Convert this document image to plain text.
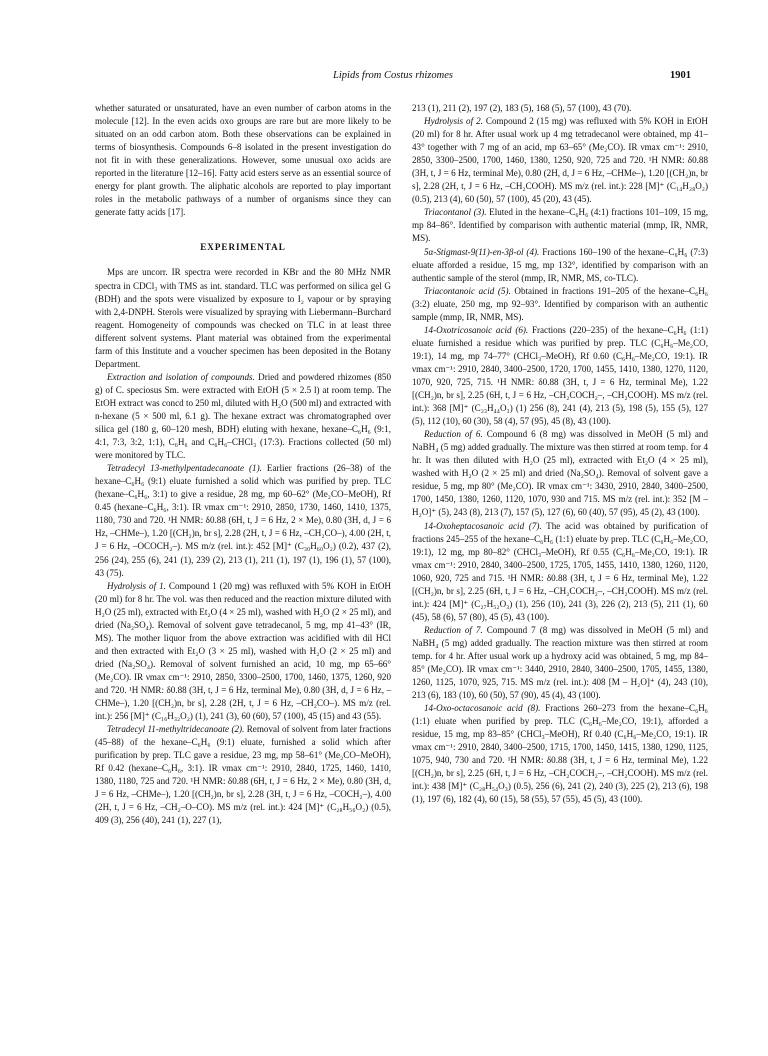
Lipids from Costus rhizomes	1901

whether saturated or unsaturated, have an even number of carbon atoms in the molecule [12]. In the even acids oxo groups are rare but are more likely to be situated on an odd carbon atom. Both these observations can be explained in terms of biosynthesis. Compounds 6–8 isolated in the present investigation do not fit in with these generalizations. However, some unusual oxo acids are reported in the literature [12–16]. Fatty acid esters serve as an essential source of energy for plant growth. The aliphatic alcohols are reported to play important roles in the metabolic pathways of a number of organisms since they can generate fatty acids [17].

EXPERIMENTAL

Mps are uncorr. IR spectra were recorded in KBr and the 80 MHz NMR spectra in CDCl₃ with TMS as int. standard. TLC was performed on silica gel G (BDH) and the spots were visualized by exposure to I₂ vapour or by spraying with 2,4-DNPH. Sterols were visualized by spraying with Liebermann–Burchard reagent. Homogeneity of compounds was checked on TLC in at least three different solvent systems. Plant material was obtained from the experimental farm of this Institute and a voucher specimen has been deposited in the Botany Department.

Extraction and isolation of compounds. Dried and powdered rhizomes (850 g) of C. speciosus Sm. were extracted with EtOH (5 × 2.5 l) at room temp. The EtOH extract was concd to 250 ml, diluted with H₂O (500 ml) and extracted with n-hexane (5 × 500 ml, 6.1 g). The hexane extract was chromatographed over silica gel (180 g, 60–120 mesh, BDH) eluting with hexane, hexane–C₆H₆ (9:1, 4:1, 7:3, 3:2, 1:1), C₆H₆ and C₆H₆–CHCl₃ (17:3). Fractions collected (50 ml) were monitored by TLC.

Tetradecyl 13-methylpentadecanoate (1). Earlier fractions (26–38) of the hexane–C₆H₆ (9:1) eluate furnished a solid which was purified by prep. TLC (hexane–C₆H₆, 3:1) to give a residue, 28 mg, mp 60–62° (Me₂CO–MeOH), Rf 0.45 (hexane–C₆H₆, 3:1). IR νmax cm⁻¹: 2910, 2850, 1730, 1460, 1410, 1375, 1180, 730 and 720. ¹H NMR: δ0.88 (6H, t, J = 6 Hz, 2 × Me), 0.80 (3H, d, J = 6 Hz, –CHMe–), 1.20 [(CH₂)n, br s], 2.28 (2H, t, J = 6 Hz, –CH₂CO–), 4.00 (2H, t, J = 6 Hz, –OCOCH₂–). MS m/z (rel. int.): 452 [M]⁺ (C₃₀H₆₀O₂) (0.2), 437 (2), 256 (24), 255 (6), 241 (1), 239 (2), 213 (1), 211 (1), 197 (1), 196 (1), 57 (100), 43 (75).

Hydrolysis of 1. Compound 1 (20 mg) was refluxed with 5% KOH in EtOH (20 ml) for 8 hr. The vol. was then reduced and the reaction mixture diluted with H₂O (25 ml), extracted with Et₂O (4 × 25 ml), washed with H₂O (2 × 25 ml), and dried (Na₂SO₄). Removal of solvent gave tetradecanol, 5 mg, mp 41–43° (IR, MS). The mother liquor from the above extraction was acidified with dil HCl and then extracted with Et₂O (3 × 25 ml), washed with H₂O (2 × 25 ml) and dried (Na₂SO₄). Removal of solvent furnished an acid, 10 mg, mp 65–66° (Me₂CO). IR νmax cm⁻¹: 2910, 2850, 3300–2500, 1700, 1460, 1375, 1260, 920 and 720. ¹H NMR: δ0.88 (3H, t, J = 6 Hz, terminal Me), 0.80 (3H, d, J = 6 Hz, –CHMe–), 1.20 [(CH₂)n, br s], 2.28 (2H, t, J = 6 Hz, –CH₂CO–). MS m/z (rel. int.): 256 [M]⁺ (C₁₆H₃₂O₂) (1), 241 (3), 60 (60), 57 (100), 45 (15) and 43 (55).

Tetradecyl 11-methyltridecanoate (2). Removal of solvent from later fractions (45–88) of the hexane–C₆H₆ (9:1) eluate, furnished a solid which after purification by prep. TLC gave a residue, 23 mg, mp 58–61° (Me₂CO–MeOH), Rf 0.42 (hexane–C₆H₆, 3:1). IR νmax cm⁻¹: 2910, 2840, 1725, 1460, 1410, 1380, 1180, 725 and 720. ¹H NMR: δ0.88 (6H, t, J = 6 Hz, 2 × Me), 0.80 (3H, d, J = 6 Hz, –CHMe–), 1.20 [(CH₂)n, br s], 2.28 (3H, t, J = 6 Hz, –COCH₂–), 4.00 (2H, t, J = 6 Hz, –CH₂–O–CO). MS m/z (rel. int.): 424 [M]⁺ (C₂₈H₅₆O₂) (0.5), 409 (3), 256 (40), 241 (1), 227 (1),

213 (1), 211 (2), 197 (2), 183 (5), 168 (5), 57 (100), 43 (70).

Hydrolysis of 2. Compound 2 (15 mg) was refluxed with 5% KOH in EtOH (20 ml) for 8 hr. After usual work up 4 mg tetradecanol were obtained, mp 41–43° together with 7 mg of an acid, mp 63–65° (Me₂CO). IR νmax cm⁻¹: 2910, 2850, 3300–2500, 1700, 1460, 1380, 1250, 920, 725 and 720. ¹H NMR: δ0.88 (3H, t, J = 6 Hz, terminal Me), 0.80 (2H, d, J = 6 Hz, –CHMe–), 1.20 [(CH₂)n, br s], 2.28 (2H, t, J = 6 Hz, –CH₂COOH). MS m/z (rel. int.): 228 [M]⁺ (C₁₄H₂₈O₂) (0.5), 213 (4), 60 (50), 57 (100), 45 (20), 43 (45).

Triacontanol (3). Eluted in the hexane–C₆H₆ (4:1) fractions 101–109, 15 mg, mp 84–86°. Identified by comparison with authentic material (mmp, IR, NMR, MS).

5α-Stigmast-9(11)-en-3β-ol (4). Fractions 160–190 of the hexane–C₆H₆ (7:3) eluate afforded a residue, 15 mg, mp 132°, identified by comparison with an authentic sample of the sterol (mmp, IR, NMR, MS, co-TLC).

Triacontanoic acid (5). Obtained in fractions 191–205 of the hexane–C₆H₆ (3:2) eluate, 250 mg, mp 92–93°. Identified by comparison with an authentic sample (mmp, IR, NMR, MS).

14-Oxotricosanoic acid (6). Fractions (220–235) of the hexane–C₆H₆ (1:1) eluate furnished a residue which was purified by prep. TLC (C₆H₆–Me₂CO, 19:1), 14 mg, mp 74–77° (CHCl₃–MeOH), Rf 0.60 (C₆H₆–Me₂CO, 19:1). IR νmax cm⁻¹: 2910, 2840, 3400–2500, 1720, 1700, 1455, 1410, 1380, 1270, 1120, 1070, 920, 725, 715. ¹H NMR: δ0.88 (3H, t, J = 6 Hz, terminal Me), 1.22 [(CH₂)n, br s], 2.25 (6H, t, J = 6 Hz, –CH₂COCH₂–, –CH₂COOH). MS m/z (rel. int.): 368 [M]⁺ (C₂₃H₄₄O₃) (1) 256 (8), 241 (4), 213 (5), 198 (5), 155 (5), 127 (5), 112 (10), 60 (30), 58 (4), 57 (95), 45 (8), 43 (100).

Reduction of 6. Compound 6 (8 mg) was dissolved in MeOH (5 ml) and NaBH₄ (5 mg) added gradually. The mixture was then stirred at room temp. for 4 hr. It was then diluted with H₂O (25 ml), extracted with Et₂O (4 × 25 ml), washed with H₂O (2 × 25 ml) and dried (Na₂SO₄). Removal of solvent gave a residue, 5 mg, mp 80° (Me₂CO). IR νmax cm⁻¹: 3430, 2910, 2840, 3400–2500, 1700, 1450, 1380, 1260, 1120, 1070, 930 and 715. MS m/z (rel. int.): 352 [M – H₂O]⁺ (5), 243 (8), 213 (7), 157 (5), 127 (6), 60 (40), 57 (95), 45 (2), 43 (100).

14-Oxoheptacosanoic acid (7). The acid was obtained by purification of fractions 245–255 of the hexane–C₆H₆ (1:1) eluate by prep. TLC (C₆H₆–Me₂CO, 19:1), 12 mg, mp 80–82° (CHCl₃–MeOH), Rf 0.55 (C₆H₆–Me₂CO, 19:1). IR νmax cm⁻¹: 2910, 2840, 3400–2500, 1725, 1705, 1455, 1410, 1380, 1260, 1120, 1060, 920, 725 and 715. ¹H NMR: δ0.88 (3H, t, J = 6 Hz, terminal Me), 1.22 [(CH₂)n, br s], 2.25 (6H, t, J = 6 Hz, –CH₂COCH₂–, –CH₂COOH). MS m/z (rel. int.): 424 [M]⁺ (C₂₇H₅₂O₃) (1), 256 (10), 241 (3), 226 (2), 213 (5), 211 (1), 60 (45), 58 (6), 57 (80), 45 (5), 43 (100).

Reduction of 7. Compound 7 (8 mg) was dissolved in MeOH (5 ml) and NaBH₄ (5 mg) added gradually. The reaction mixture was then stirred at room temp. for 4 hr. After usual work up a hydroxy acid was obtained, 5 mg, mp 84–85° (Me₂CO). IR νmax cm⁻¹: 3440, 2910, 2840, 3400–2500, 1705, 1455, 1380, 1260, 1125, 1070, 925, 715. MS m/z (rel. int.): 408 [M – H₂O]⁺ (4), 243 (10), 213 (6), 183 (10), 60 (50), 57 (90), 45 (4), 43 (100).

14-Oxo-octacosanoic acid (8). Fractions 260–273 from the hexane–C₆H₆ (1:1) eluate when purified by prep. TLC (C₆H₆–Me₂CO, 19:1), afforded a residue, 15 mg, mp 83–85° (CHCl₃–MeOH), Rf 0.40 (C₆H₆–Me₂CO, 19:1). IR νmax cm⁻¹: 2910, 2840, 3400–2500, 1715, 1700, 1450, 1415, 1380, 1290, 1125, 1075, 940, 730 and 720. ¹H NMR: δ0.88 (3H, t, J = 6 Hz, terminal Me), 1.22 [(CH₂)n, br s], 2.25 (6H, t, J = 6 Hz, –CH₂COCH₂–, –CH₂COOH). MS m/z (rel. int.): 438 [M]⁺ (C₂₈H₅₄O₃) (0.5), 256 (6), 241 (2), 240 (3), 225 (2), 213 (6), 198 (1), 197 (6), 182 (4), 60 (15), 58 (55), 57 (55), 45 (5), 43 (100).
